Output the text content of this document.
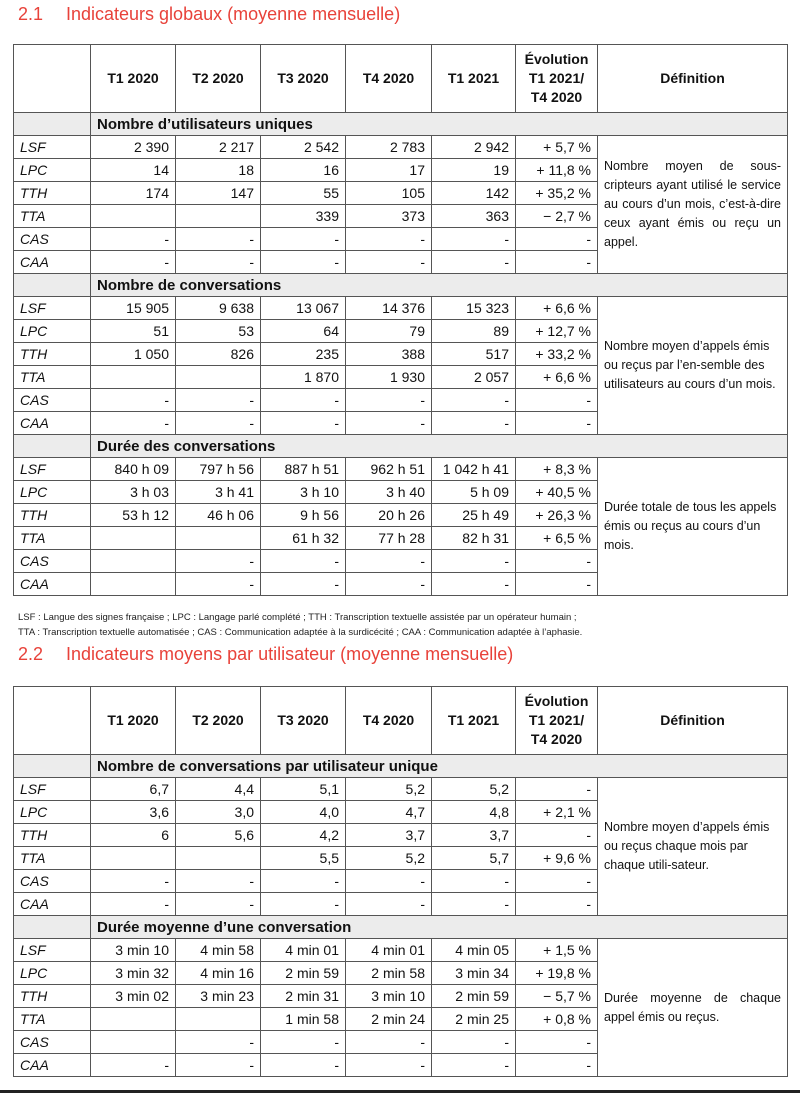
2.1 Indicateurs globaux (moyenne mensuelle)
	T1 2020	T2 2020	T3 2020	T4 2020	T1 2021	Évolution T1 2021/ T4 2020	Définition
	Nombre d’utilisateurs uniques						
LSF	2 390	2 217	2 542	2 783	2 942	+ 5,7 %	Nombre moyen de sous-cripteurs ayant utilisé le service au cours d’un mois, c’est-à-dire ceux ayant émis ou reçu un appel.
LPC	14	18	16	17	19	+ 11,8 %	
TTH	174	147	55	105	142	+ 35,2 %	
TTA			339	373	363	− 2,7 %	
CAS	-	-	-	-	-	-	
CAA	-	-	-	-	-	-	
	Nombre de conversations						
LSF	15 905	9 638	13 067	14 376	15 323	+ 6,6 %	Nombre moyen d’appels émis ou reçus par l’en-semble des utilisateurs au cours d’un mois.
LPC	51	53	64	79	89	+ 12,7 %	
TTH	1 050	826	235	388	517	+ 33,2 %	
TTA			1 870	1 930	2 057	+ 6,6 %	
CAS	-	-	-	-	-	-	
CAA	-	-	-	-	-	-	
	Durée des conversations						
LSF	840 h 09	797 h 56	887 h 51	962 h 51	1 042 h 41	+ 8,3 %	Durée totale de tous les appels émis ou reçus au cours d’un mois.
LPC	3 h 03	3 h 41	3 h 10	3 h 40	5 h 09	+ 40,5 %	
TTH	53 h 12	46 h 06	9 h 56	20 h 26	25 h 49	+ 26,3 %	
TTA			61 h 32	77 h 28	82 h 31	+ 6,5 %	
CAS		-	-	-	-	-	
CAA		-	-	-	-	-	
LSF : Langue des signes française ; LPC : Langage parlé complété ; TTH : Transcription textuelle assistée par un opérateur humain ;
TTA : Transcription textuelle automatisée ; CAS : Communication adaptée à la surdicécité ; CAA : Communication adaptée à l’aphasie.
2.2 Indicateurs moyens par utilisateur (moyenne mensuelle)
	T1 2020	T2 2020	T3 2020	T4 2020	T1 2021	Évolution T1 2021/ T4 2020	Définition
	Nombre de conversations par utilisateur unique						
LSF	6,7	4,4	5,1	5,2	5,2	-	Nombre moyen d’appels émis ou reçus chaque mois par chaque utili-sateur.
LPC	3,6	3,0	4,0	4,7	4,8	+ 2,1 %	
TTH	6	5,6	4,2	3,7	3,7	-	
TTA			5,5	5,2	5,7	+ 9,6 %	
CAS	-	-	-	-	-	-	
CAA	-	-	-	-	-	-	
	Durée moyenne d’une conversation						
LSF	3 min 10	4 min 58	4 min 01	4 min 01	4 min 05	+ 1,5 %	Durée moyenne de chaque appel émis ou reçus.
LPC	3 min 32	4 min 16	2 min 59	2 min 58	3 min 34	+ 19,8 %	
TTH	3 min 02	3 min 23	2 min 31	3 min 10	2 min 59	− 5,7 %	
TTA			1 min 58	2 min 24	2 min 25	+ 0,8 %	
CAS		-	-	-	-	-	
CAA	-	-	-	-	-	-	
